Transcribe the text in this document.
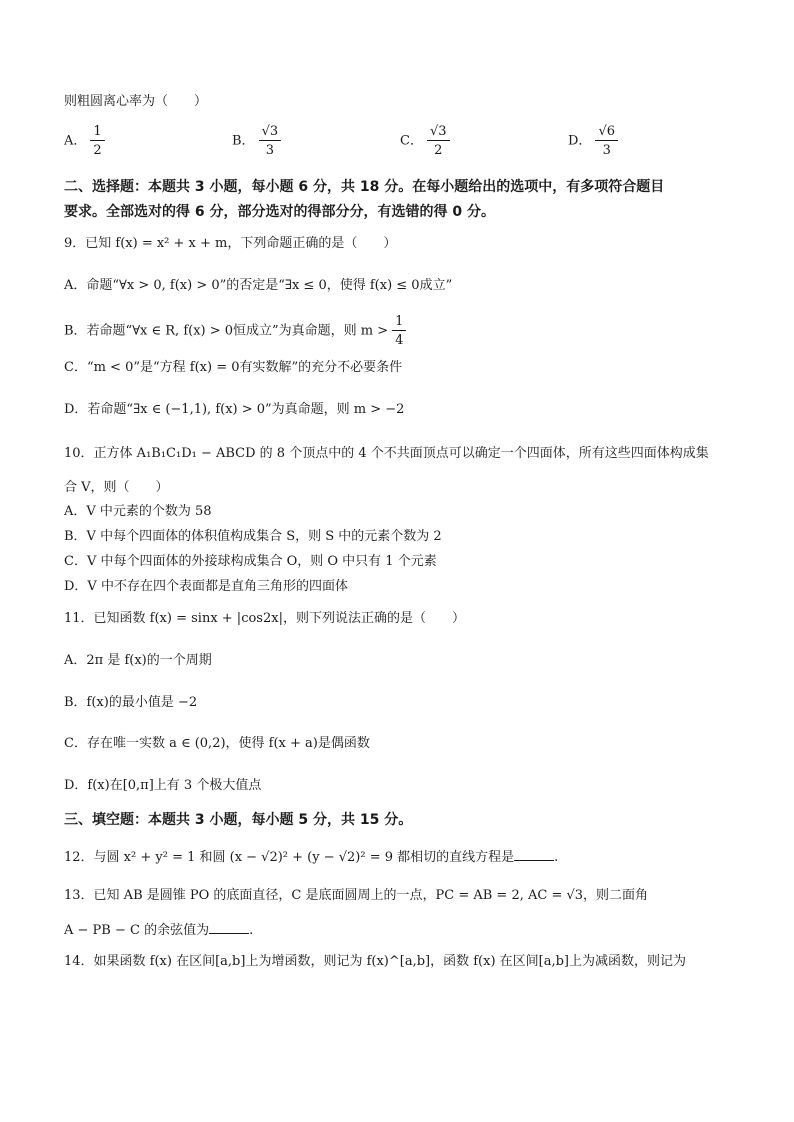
则粗圆离心率为（　　）
A． $\frac{1}{2}$	B． $\frac{√3}{3}$	C． $\frac{√3}{2}$	D． $\frac{√6}{3}$
二、选择题：本题共 3 小题，每小题 6 分，共 18 分。在每小题给出的选项中，有多项符合题目
要求。全部选对的得 6 分，部分选对的得部分分，有选错的得 0 分。
9．已知 f(x) = x² + x + m，下列命题正确的是（　　）
A．命题“∀x > 0, f(x) > 0”的否定是“∃x ≤ 0，使得 f(x) ≤ 0成立”
B．若命题“∀x ∈ R, f(x) > 0恒成立”为真命题，则 $m > \frac{1}{4}$
C．“m < 0”是“方程 f(x) = 0有实数解”的充分不必要条件
D．若命题“∃x ∈ (−1,1), f(x) > 0”为真命题，则 m > −2
10．正方体 A₁B₁C₁D₁ − ABCD 的 8 个顶点中的 4 个不共面顶点可以确定一个四面体，所有这些四面体构成集
合 V，则（　　）
A．V 中元素的个数为 58
B．V 中每个四面体的体积值构成集合 S，则 S 中的元素个数为 2
C．V 中每个四面体的外接球构成集合 O，则 O 中只有 1 个元素
D．V 中不存在四个表面都是直角三角形的四面体
11．已知函数 f(x) = sinx + |cos2x|，则下列说法正确的是（　　）
A．2π 是 f(x)的一个周期
B．f(x)的最小值是 −2
C．存在唯一实数 a ∈ (0,2)，使得 f(x + a)是偶函数
D．f(x)在[0,π]上有 3 个极大值点
三、填空题：本题共 3 小题，每小题 5 分，共 15 分。
12．与圆 x² + y² = 1 和圆 (x − √2)² + (y − √2)² = 9 都相切的直线方程是	.
13．已知 AB 是圆锥 PO 的底面直径，C 是底面圆周上的一点，PC = AB = 2, AC = √3，则二面角
A − PB − C 的余弦值为	.
14．如果函数 f(x) 在区间[a,b]上为增函数，则记为 f(x)^[a,b]，函数 f(x) 在区间[a,b]上为减函数，则记为
